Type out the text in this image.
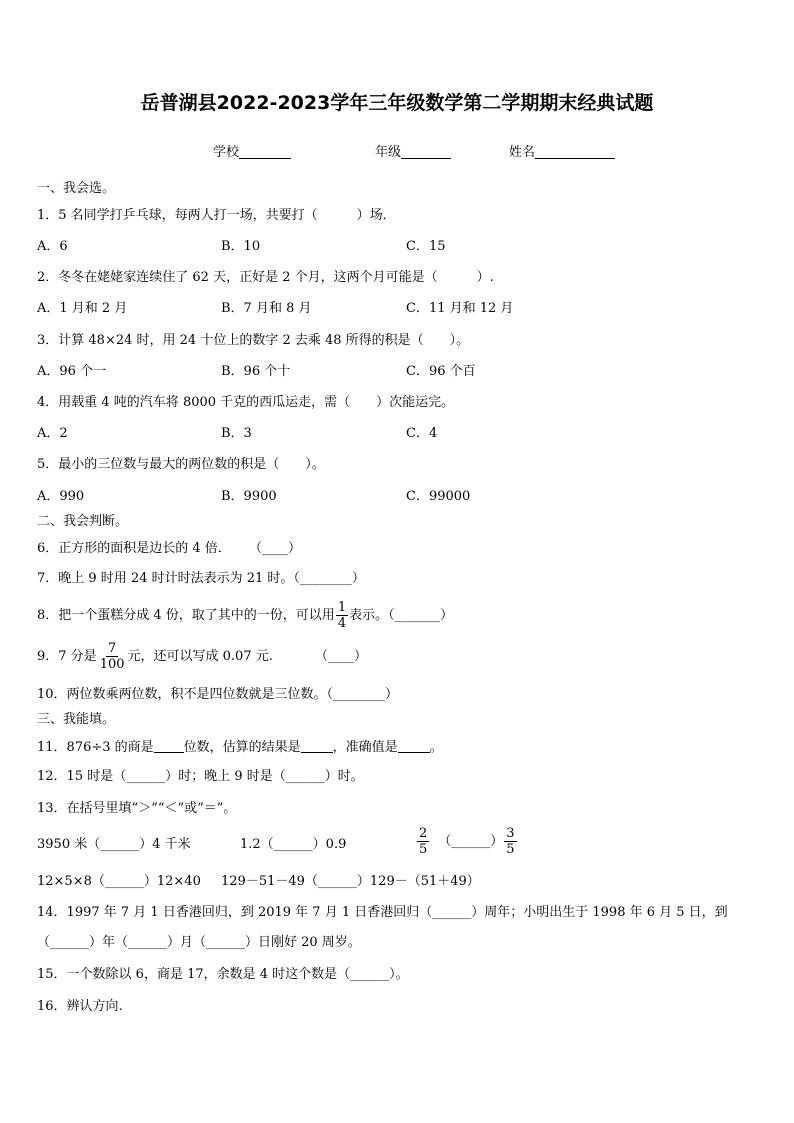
岳普湖县2022-2023学年三年级数学第二学期期末经典试题
学校	年级	姓名
一、我会选。
1．5 名同学打乒乓球，每两人打一场，共要打（　　　）场．
A．6	B．10	C．15
2．冬冬在姥姥家连续住了 62 天，正好是 2 个月，这两个月可能是（　　　）.
A．1 月和 2 月	B．7 月和 8 月	C．11 月和 12 月
3．计算 48×24 时，用 24 十位上的数字 2 去乘 48 所得的积是（　　）。
A．96 个一	B．96 个十	C．96 个百
4．用载重 4 吨的汽车将 8000 千克的西瓜运走，需（　　）次能运完。
A．2	B．3	C．4
5．最小的三位数与最大的两位数的积是（　　）。
A．990	B．9900	C．99000
二、我会判断。
6．正方形的面积是边长的 4 倍． （____）
7．晚上 9 时用 24 时计时法表示为 21 时。（________）
8．把一个蛋糕分成 4 份，取了其中的一份，可以用 $\frac{1}{4}$ 表示。（_______）
9．7 分是 $\frac{7}{100}$ 元，还可以写成 0.07 元.	（____）
10．两位数乘两位数，积不是四位数就是三位数。（________）
三、我能填。
11．876÷3 的商是 位数，估算的结果是 ，准确值是 。
12．15 时是（______）时；晚上 9 时是（______）时。
13．在括号里填“＞”“＜”或“＝”。
3950 米（______）4 千米	1.2（______）0.9	$\frac{2}{5}$ （______） $\frac{3}{5}$
12×5×8（______）12×40 129－51－49（______）129－（51＋49）
14．1997 年 7 月 1 日香港回归，到 2019 年 7 月 1 日香港回归（______）周年；小明出生于 1998 年 6 月 5 日，到
（______）年（______）月（______）日刚好 20 周岁。
15．一个数除以 6，商是 17，余数是 4 时这个数是（______）。
16．辨认方向.
